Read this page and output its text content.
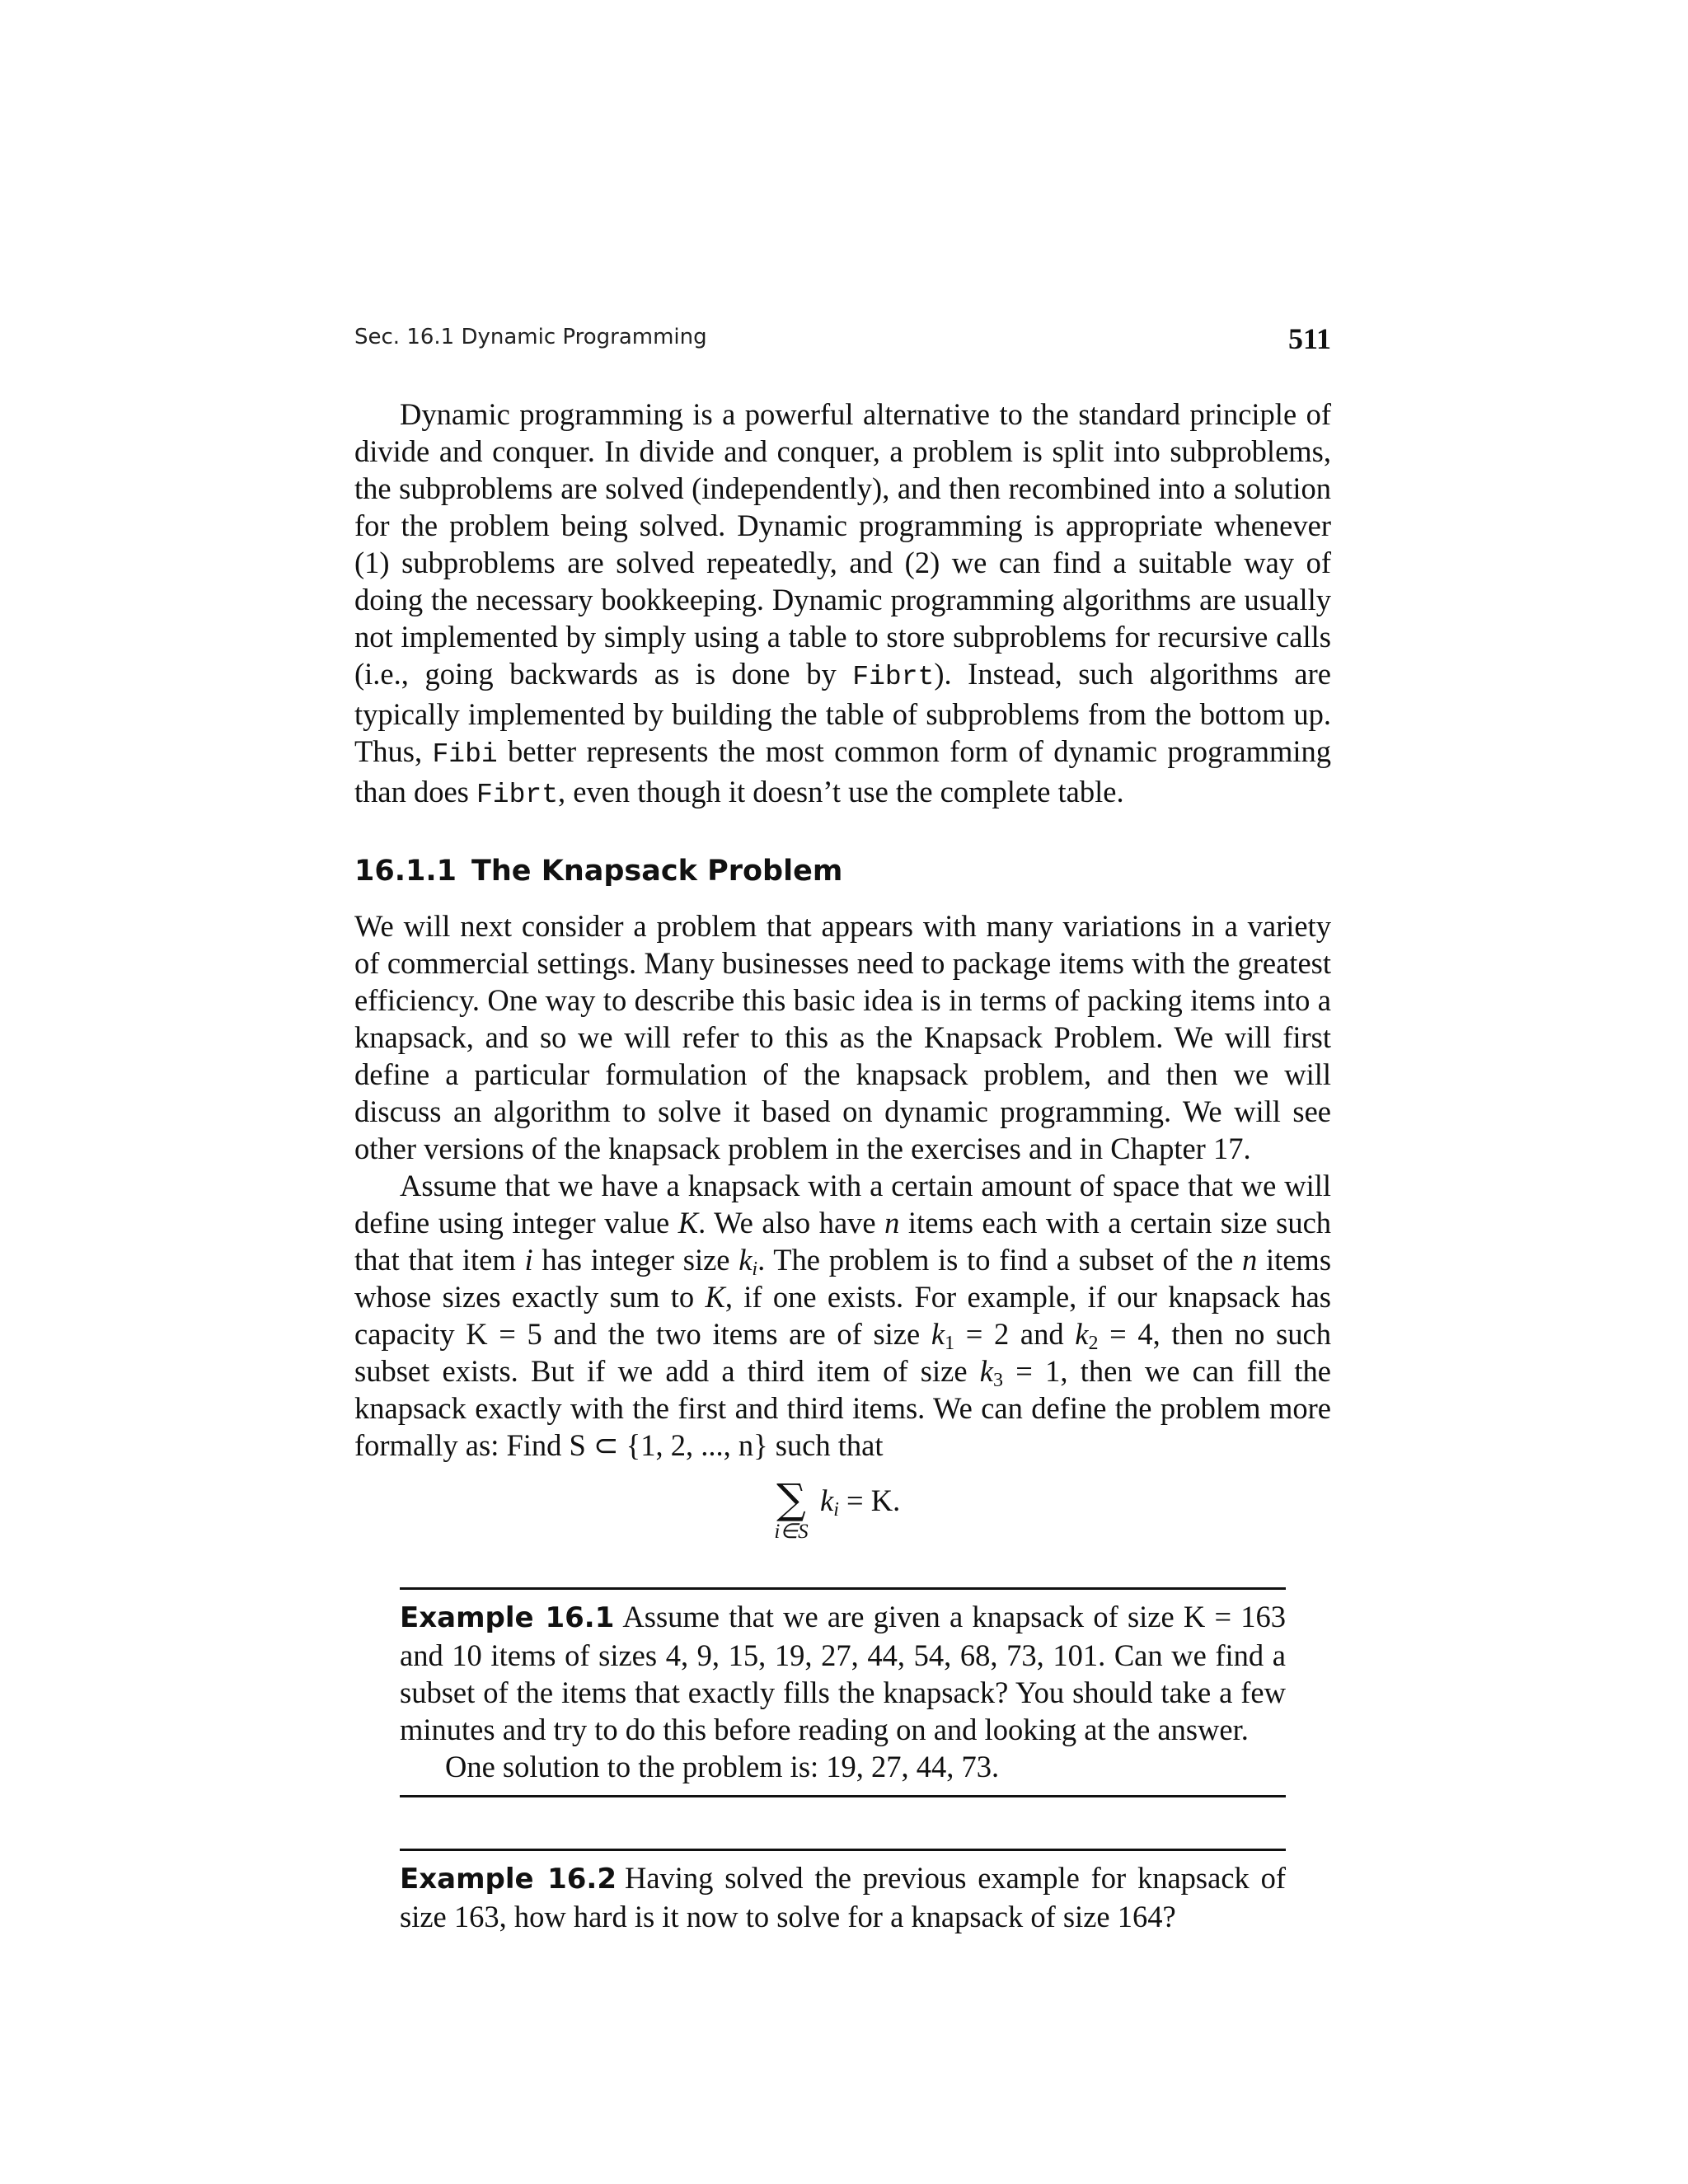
Sec. 16.1 Dynamic Programming	511

Dynamic programming is a powerful alternative to the standard principle of divide and conquer. In divide and conquer, a problem is split into subproblems, the subproblems are solved (independently), and then recombined into a solution for the problem being solved. Dynamic programming is appropriate whenever (1) subproblems are solved repeatedly, and (2) we can find a suitable way of doing the necessary bookkeeping. Dynamic programming algorithms are usually not implemented by simply using a table to store subproblems for recursive calls (i.e., going backwards as is done by Fibrt). Instead, such algorithms are typically implemented by building the table of subproblems from the bottom up. Thus, Fibi better represents the most common form of dynamic programming than does Fibrt, even though it doesn’t use the complete table.

16.1.1 The Knapsack Problem

We will next consider a problem that appears with many variations in a variety of commercial settings. Many businesses need to package items with the greatest efficiency. One way to describe this basic idea is in terms of packing items into a knapsack, and so we will refer to this as the Knapsack Problem. We will first define a particular formulation of the knapsack problem, and then we will discuss an algorithm to solve it based on dynamic programming. We will see other versions of the knapsack problem in the exercises and in Chapter 17.

Assume that we have a knapsack with a certain amount of space that we will define using integer value K. We also have n items each with a certain size such that that item i has integer size $k_i$. The problem is to find a subset of the n items whose sizes exactly sum to K, if one exists. For example, if our knapsack has capacity K = 5 and the two items are of size $k_1 = 2$ and $k_2 = 4$, then no such subset exists. But if we add a third item of size $k_3 = 1$, then we can fill the knapsack exactly with the first and third items. We can define the problem more formally as: Find S ⊂ {1, 2, ..., n} such that

∑
i∈S
$k_i = K$.

Example 16.1 Assume that we are given a knapsack of size K = 163 and 10 items of sizes 4, 9, 15, 19, 27, 44, 54, 68, 73, 101. Can we find a subset of the items that exactly fills the knapsack? You should take a few minutes and try to do this before reading on and looking at the answer.

One solution to the problem is: 19, 27, 44, 73.

Example 16.2 Having solved the previous example for knapsack of size 163, how hard is it now to solve for a knapsack of size 164?
